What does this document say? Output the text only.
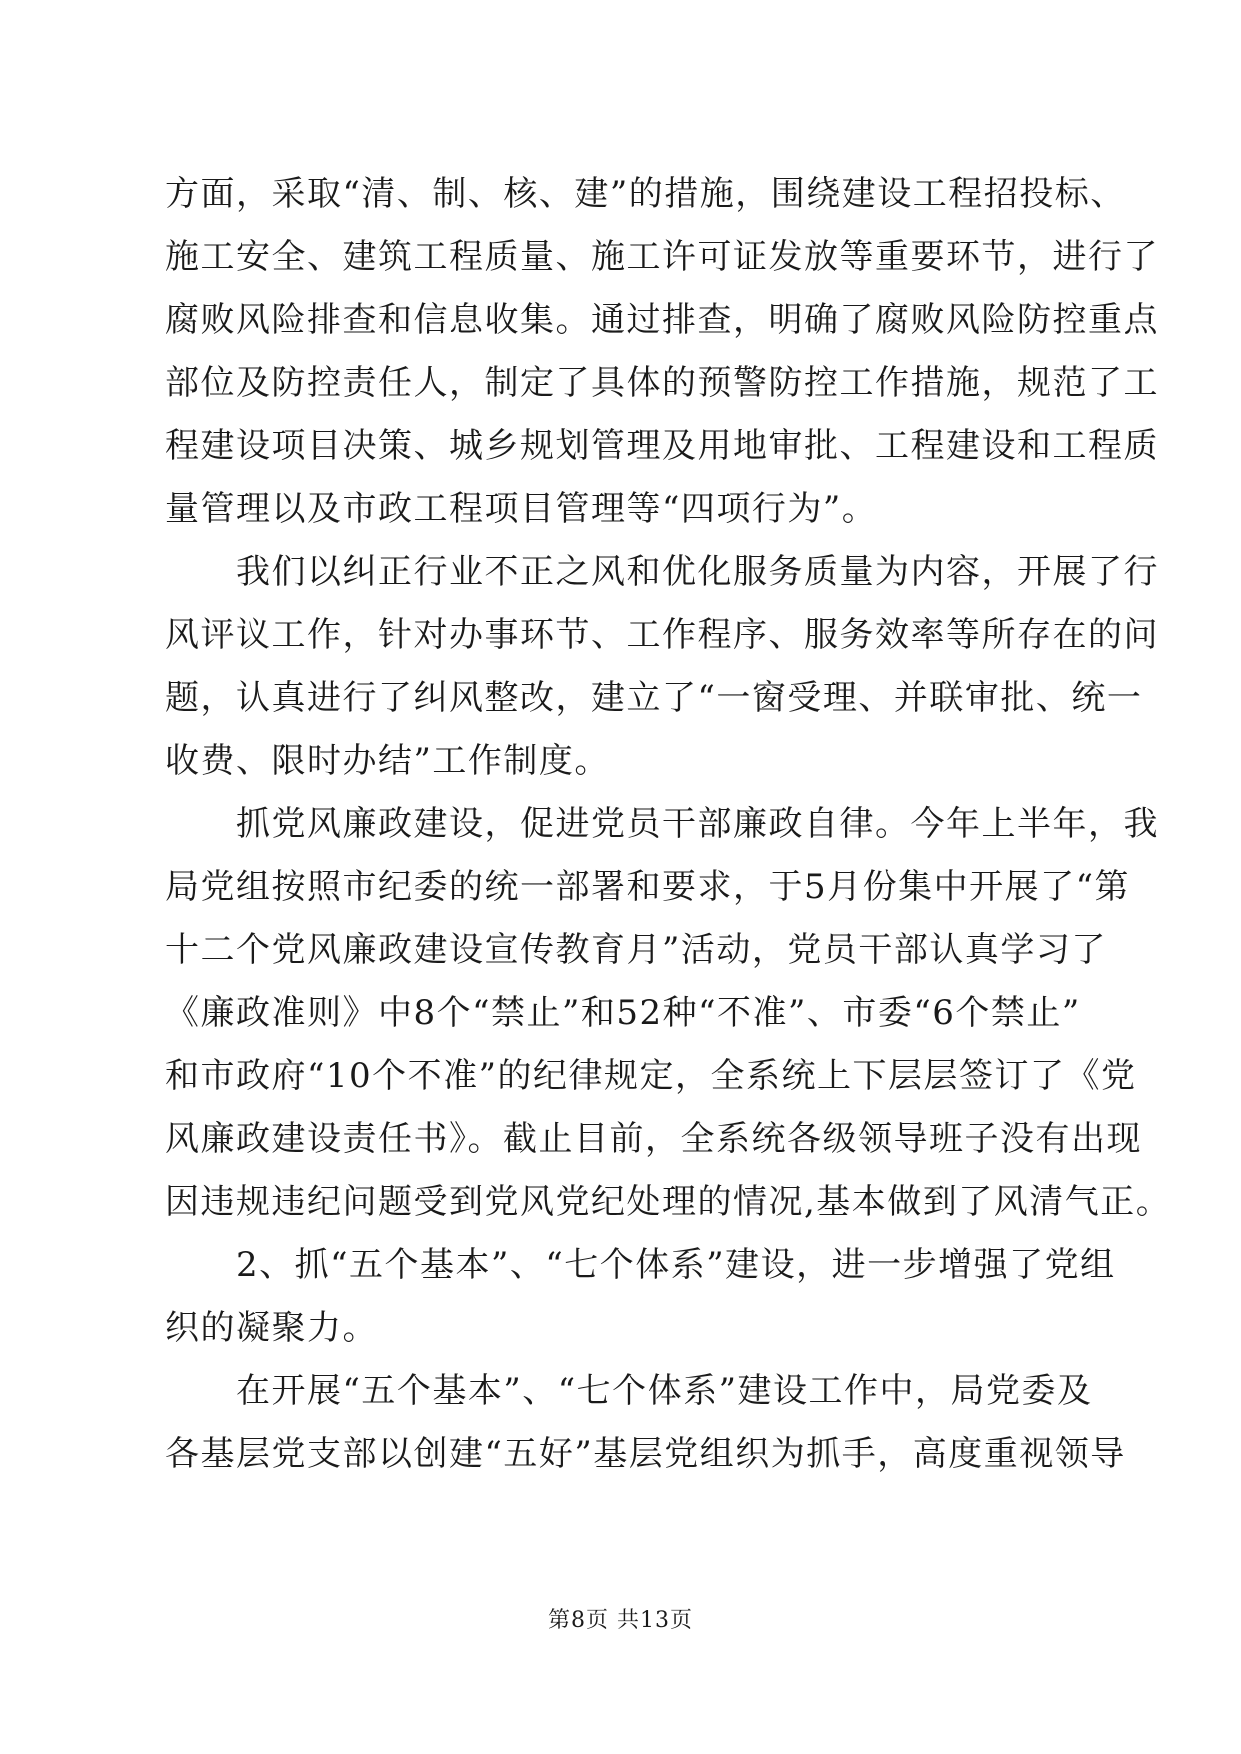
方面，采取“清、制、核、建”的措施，围绕建设工程招投标、
施工安全、建筑工程质量、施工许可证发放等重要环节，进行了
腐败风险排查和信息收集。通过排查，明确了腐败风险防控重点
部位及防控责任人，制定了具体的预警防控工作措施，规范了工
程建设项目决策、城乡规划管理及用地审批、工程建设和工程质
量管理以及市政工程项目管理等“四项行为”。
　　我们以纠正行业不正之风和优化服务质量为内容，开展了行
风评议工作，针对办事环节、工作程序、服务效率等所存在的问
题，认真进行了纠风整改，建立了“一窗受理、并联审批、统一
收费、限时办结”工作制度。
　　抓党风廉政建设，促进党员干部廉政自律。今年上半年，我
局党组按照市纪委的统一部署和要求，于5月份集中开展了“第
十二个党风廉政建设宣传教育月”活动，党员干部认真学习了
《廉政准则》中8个“禁止”和52种“不准”、市委“6个禁止”
和市政府“10个不准”的纪律规定，全系统上下层层签订了《党
风廉政建设责任书》。截止目前，全系统各级领导班子没有出现
因违规违纪问题受到党风党纪处理的情况,基本做到了风清气正。
　　2、抓“五个基本”、“七个体系”建设，进一步增强了党组
织的凝聚力。
　　在开展“五个基本”、“七个体系”建设工作中，局党委及
各基层党支部以创建“五好”基层党组织为抓手，高度重视领导
第8页 共13页
